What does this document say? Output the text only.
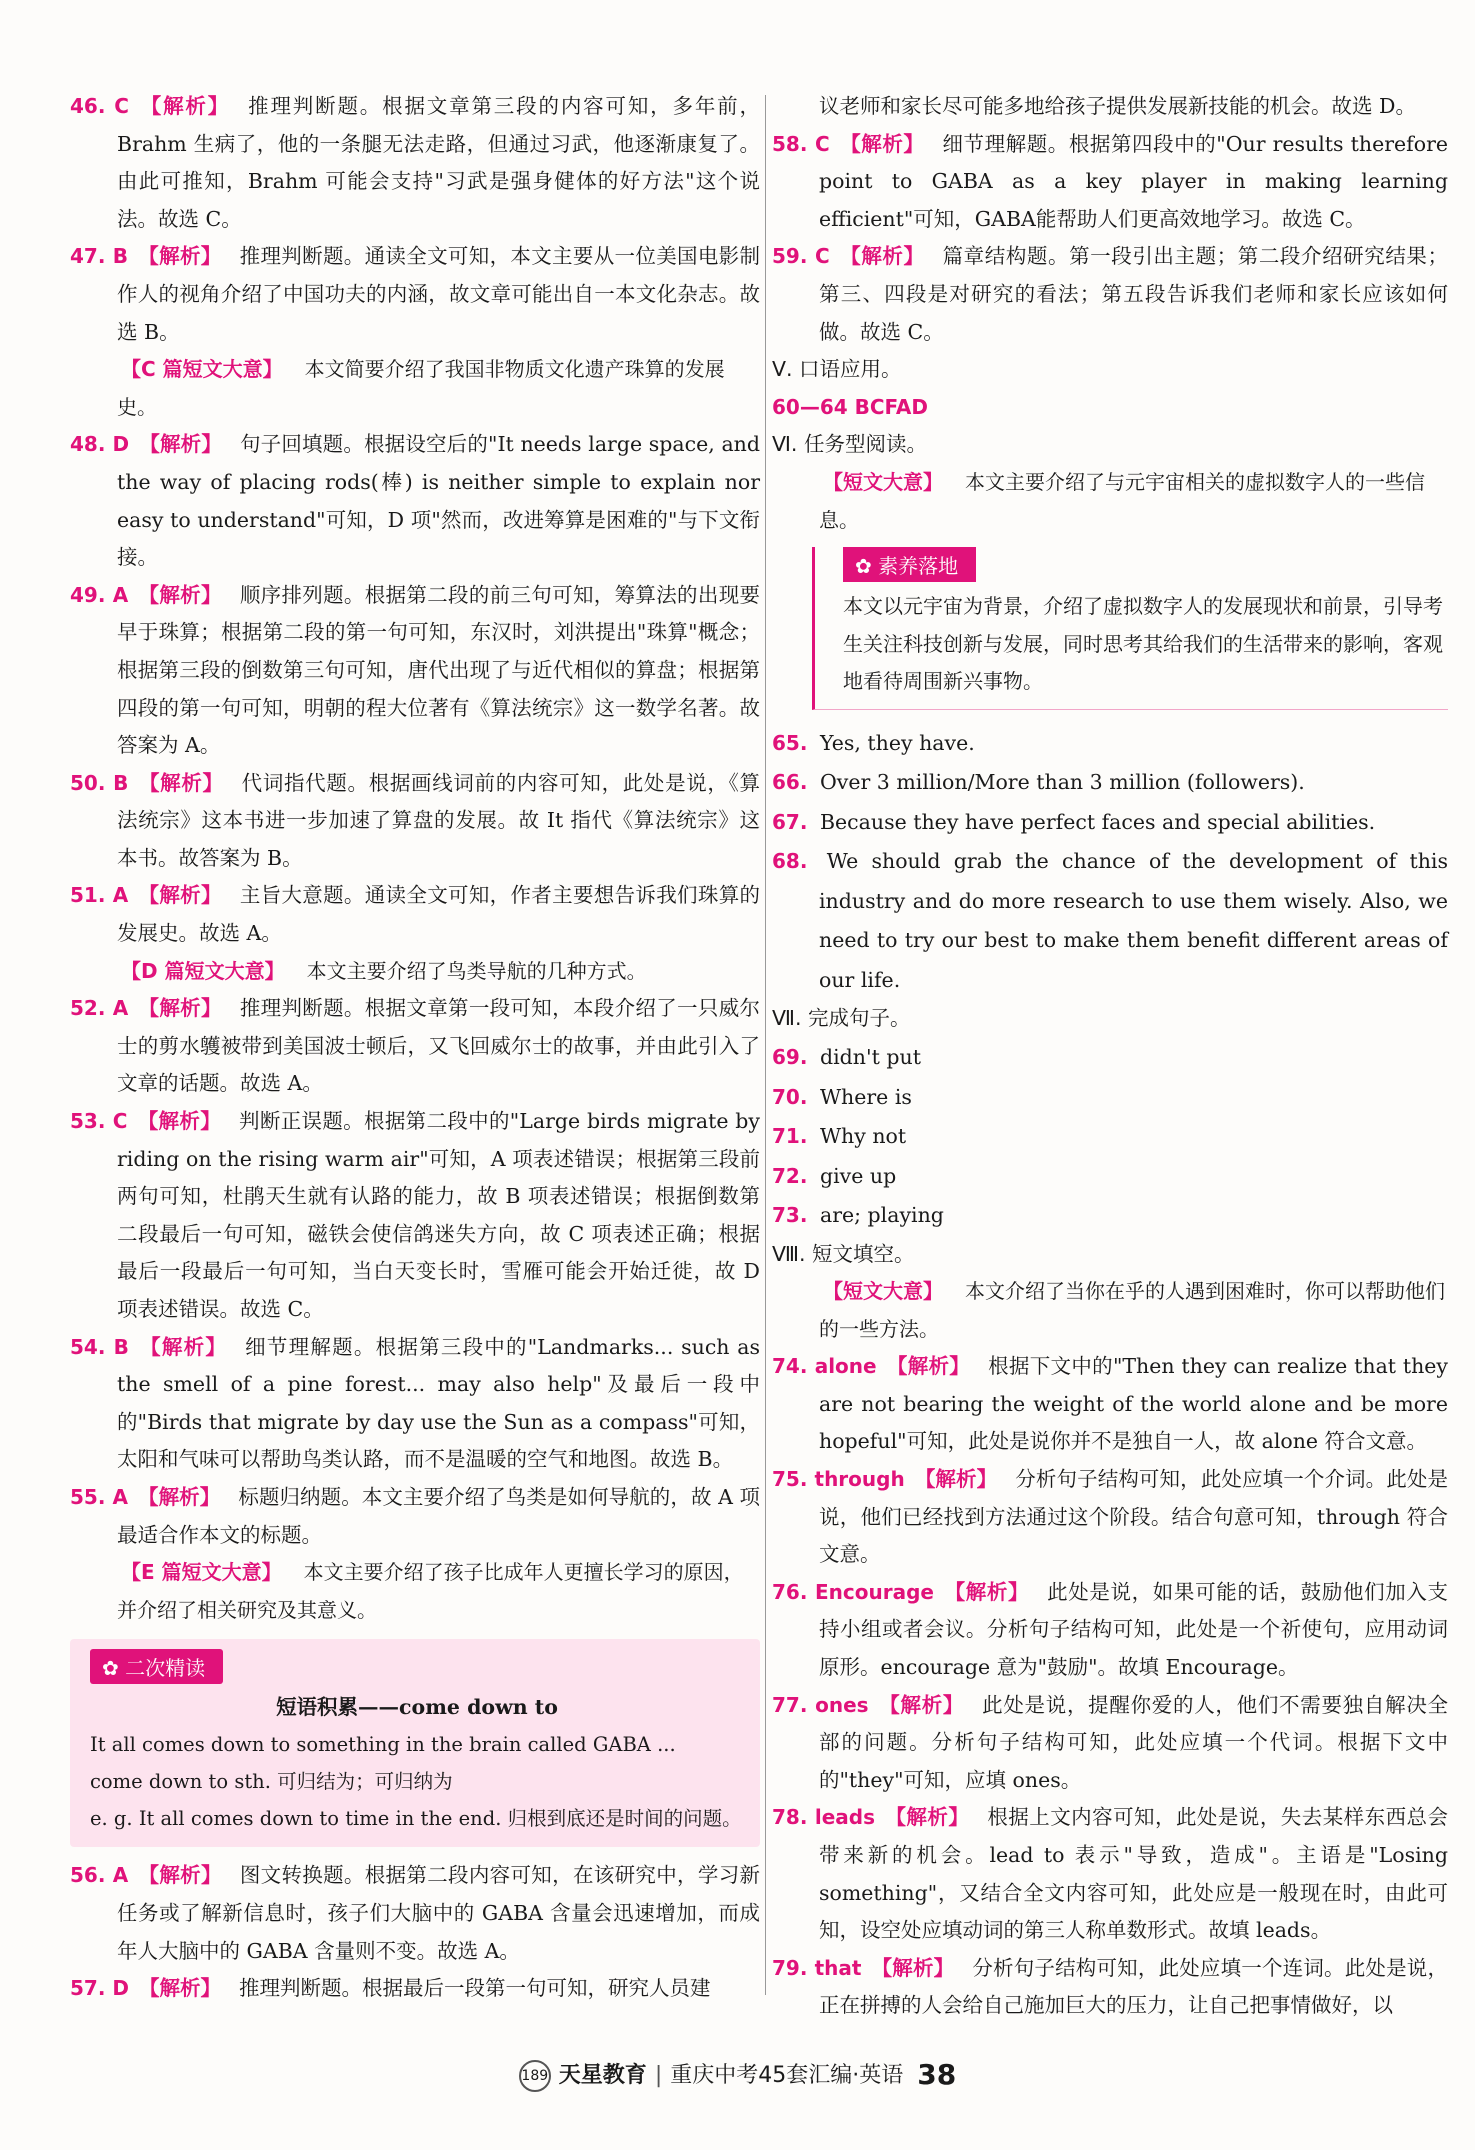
46. C 【解析】 推理判断题。根据文章第三段的内容可知，多年前，Brahm 生病了，他的一条腿无法走路，但通过习武，他逐渐康复了。由此可推知，Brahm 可能会支持"习武是强身健体的好方法"这个说法。故选 C。

47. B 【解析】 推理判断题。通读全文可知，本文主要从一位美国电影制作人的视角介绍了中国功夫的内涵，故文章可能出自一本文化杂志。故选 B。

【C 篇短文大意】 本文简要介绍了我国非物质文化遗产珠算的发展史。

48. D 【解析】 句子回填题。根据设空后的"It needs large space, and the way of placing rods(棒) is neither simple to explain nor easy to understand"可知，D 项"然而，改进筹算是困难的"与下文衔接。

49. A 【解析】 顺序排列题。根据第二段的前三句可知，筹算法的出现要早于珠算；根据第二段的第一句可知，东汉时，刘洪提出"珠算"概念；根据第三段的倒数第三句可知，唐代出现了与近代相似的算盘；根据第四段的第一句可知，明朝的程大位著有《算法统宗》这一数学名著。故答案为 A。

50. B 【解析】 代词指代题。根据画线词前的内容可知，此处是说，《算法统宗》这本书进一步加速了算盘的发展。故 It 指代《算法统宗》这本书。故答案为 B。

51. A 【解析】 主旨大意题。通读全文可知，作者主要想告诉我们珠算的发展史。故选 A。

【D 篇短文大意】 本文主要介绍了鸟类导航的几种方式。

52. A 【解析】 推理判断题。根据文章第一段可知，本段介绍了一只威尔士的剪水鹱被带到美国波士顿后，又飞回威尔士的故事，并由此引入了文章的话题。故选 A。

53. C 【解析】 判断正误题。根据第二段中的"Large birds migrate by riding on the rising warm air"可知，A 项表述错误；根据第三段前两句可知，杜鹃天生就有认路的能力，故 B 项表述错误；根据倒数第二段最后一句可知，磁铁会使信鸽迷失方向，故 C 项表述正确；根据最后一段最后一句可知，当白天变长时，雪雁可能会开始迁徙，故 D 项表述错误。故选 C。

54. B 【解析】 细节理解题。根据第三段中的"Landmarks... such as the smell of a pine forest... may also help"及最后一段中的"Birds that migrate by day use the Sun as a compass"可知，太阳和气味可以帮助鸟类认路，而不是温暖的空气和地图。故选 B。

55. A 【解析】 标题归纳题。本文主要介绍了鸟类是如何导航的，故 A 项最适合作本文的标题。

【E 篇短文大意】 本文主要介绍了孩子比成年人更擅长学习的原因，并介绍了相关研究及其意义。

✿ 二次精读
短语积累——come down to
It all comes down to something in the brain called GABA ...
come down to sth. 可归结为；可归纳为
e. g. It all comes down to time in the end. 归根到底还是时间的问题。

56. A 【解析】 图文转换题。根据第二段内容可知，在该研究中，学习新任务或了解新信息时，孩子们大脑中的 GABA 含量会迅速增加，而成年人大脑中的 GABA 含量则不变。故选 A。

57. D 【解析】 推理判断题。根据最后一段第一句可知，研究人员建

议老师和家长尽可能多地给孩子提供发展新技能的机会。故选 D。

58. C 【解析】 细节理解题。根据第四段中的"Our results therefore point to GABA as a key player in making learning efficient"可知，GABA能帮助人们更高效地学习。故选 C。

59. C 【解析】 篇章结构题。第一段引出主题；第二段介绍研究结果；第三、四段是对研究的看法；第五段告诉我们老师和家长应该如何做。故选 C。

Ⅴ. 口语应用。

60—64 BCFAD

Ⅵ. 任务型阅读。

【短文大意】 本文主要介绍了与元宇宙相关的虚拟数字人的一些信息。

✿ 素养落地
本文以元宇宙为背景，介绍了虚拟数字人的发展现状和前景，引导考生关注科技创新与发展，同时思考其给我们的生活带来的影响，客观地看待周围新兴事物。

65. Yes, they have.

66. Over 3 million/More than 3 million (followers).

67. Because they have perfect faces and special abilities.

68. We should grab the chance of the development of this industry and do more research to use them wisely. Also, we need to try our best to make them benefit different areas of our life.

Ⅶ. 完成句子。

69. didn't put

70. Where is

71. Why not

72. give up

73. are; playing

Ⅷ. 短文填空。

【短文大意】 本文介绍了当你在乎的人遇到困难时，你可以帮助他们的一些方法。

74. alone 【解析】 根据下文中的"Then they can realize that they are not bearing the weight of the world alone and be more hopeful"可知，此处是说你并不是独自一人，故 alone 符合文意。

75. through 【解析】 分析句子结构可知，此处应填一个介词。此处是说，他们已经找到方法通过这个阶段。结合句意可知，through 符合文意。

76. Encourage 【解析】 此处是说，如果可能的话，鼓励他们加入支持小组或者会议。分析句子结构可知，此处是一个祈使句，应用动词原形。encourage 意为"鼓励"。故填 Encourage。

77. ones 【解析】 此处是说，提醒你爱的人，他们不需要独自解决全部的问题。分析句子结构可知，此处应填一个代词。根据下文中的"they"可知，应填 ones。

78. leads 【解析】 根据上文内容可知，此处是说，失去某样东西总会带来新的机会。lead to 表示"导致，造成"。主语是"Losing something"，又结合全文内容可知，此处应是一般现在时，由此可知，设空处应填动词的第三人称单数形式。故填 leads。

79. that 【解析】 分析句子结构可知，此处应填一个连词。此处是说，正在拼搏的人会给自己施加巨大的压力，让自己把事情做好，以

189 天星教育 | 重庆中考45套汇编·英语 38
